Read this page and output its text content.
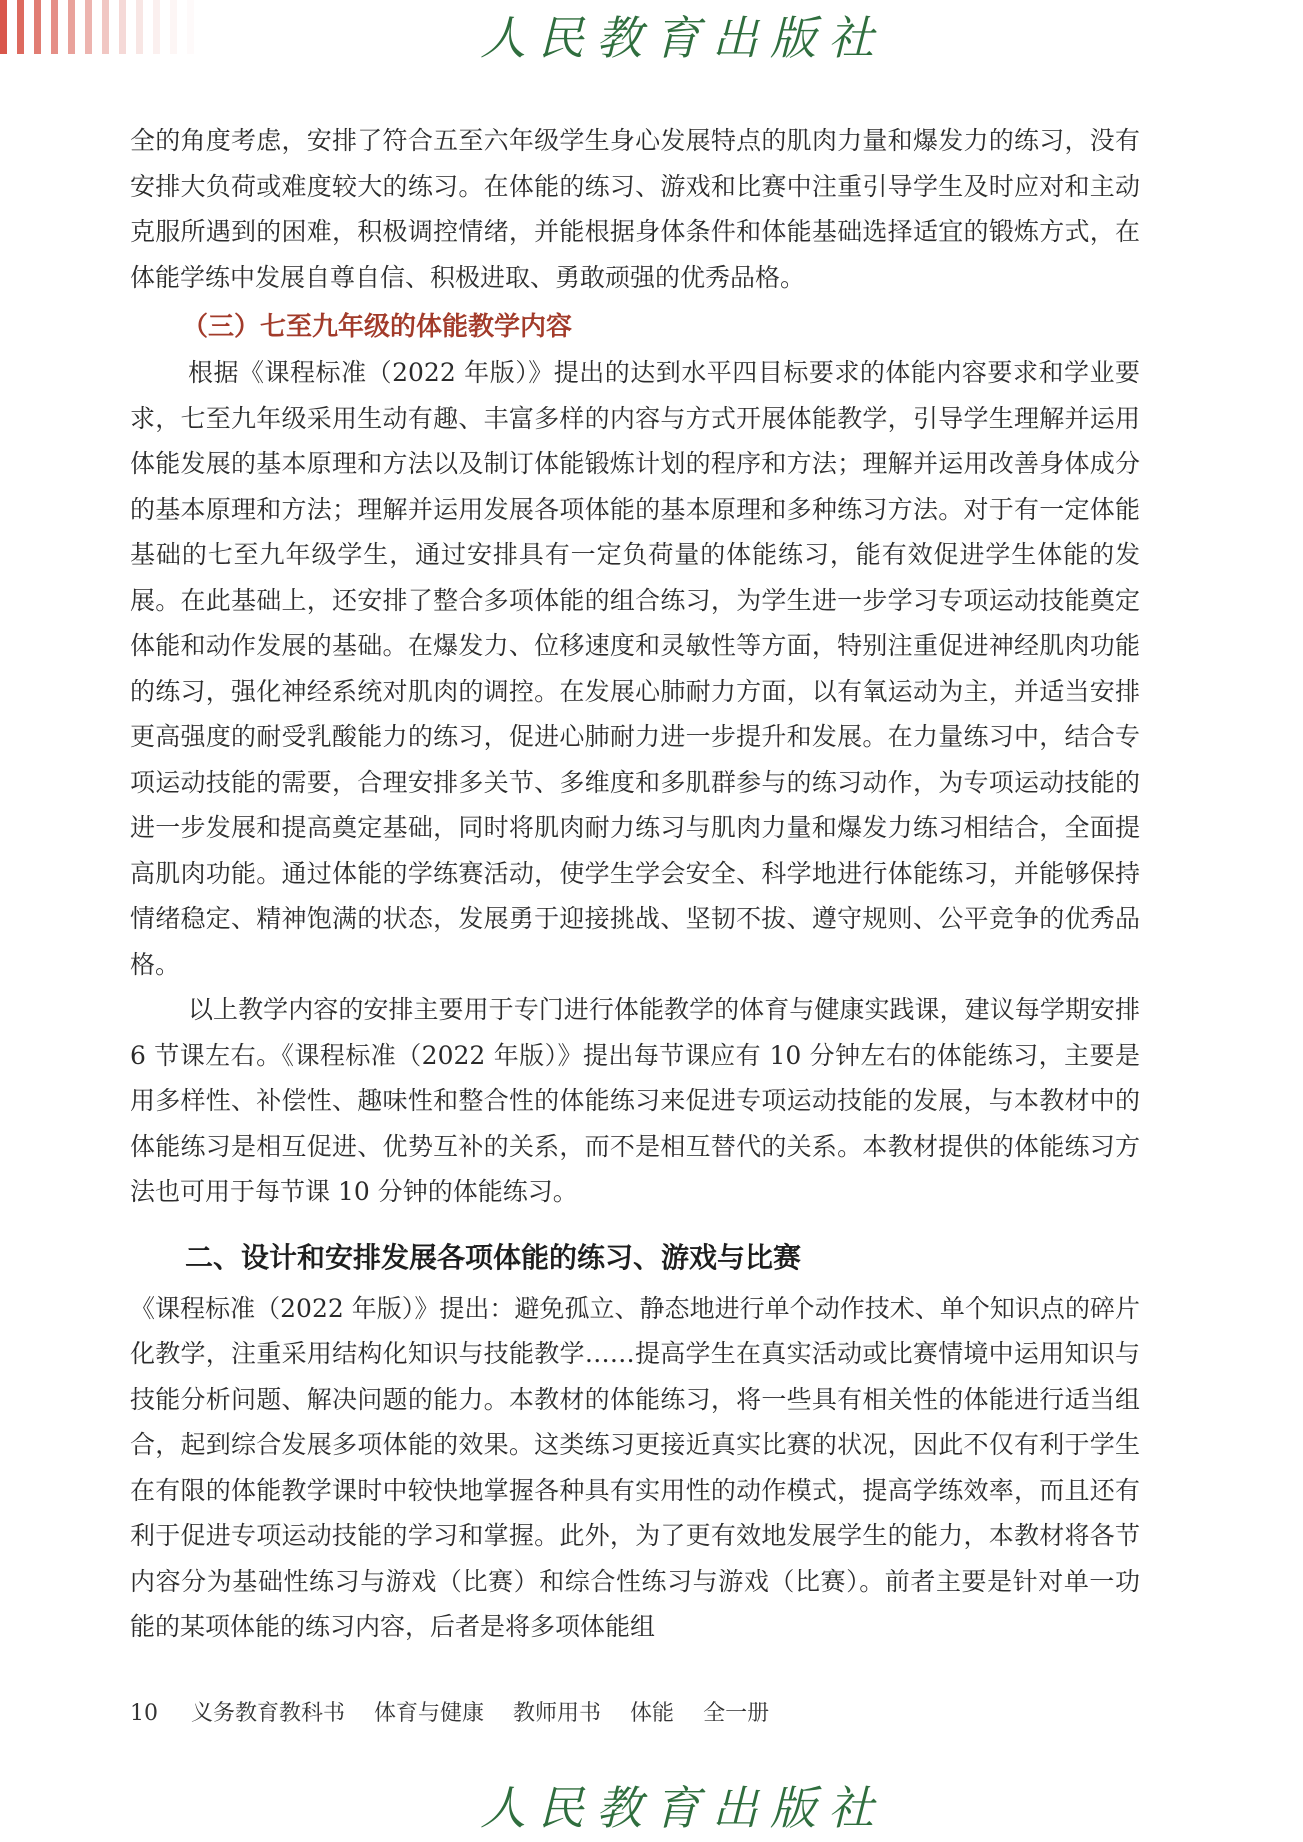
人民教育出版社

全的角度考虑，安排了符合五至六年级学生身心发展特点的肌肉力量和爆发力的练习，没有安排大负荷或难度较大的练习。在体能的练习、游戏和比赛中注重引导学生及时应对和主动克服所遇到的困难，积极调控情绪，并能根据身体条件和体能基础选择适宜的锻炼方式，在体能学练中发展自尊自信、积极进取、勇敢顽强的优秀品格。

（三）七至九年级的体能教学内容

根据《课程标准（2022 年版）》提出的达到水平四目标要求的体能内容要求和学业要求，七至九年级采用生动有趣、丰富多样的内容与方式开展体能教学，引导学生理解并运用体能发展的基本原理和方法以及制订体能锻炼计划的程序和方法；理解并运用改善身体成分的基本原理和方法；理解并运用发展各项体能的基本原理和多种练习方法。对于有一定体能基础的七至九年级学生，通过安排具有一定负荷量的体能练习，能有效促进学生体能的发展。在此基础上，还安排了整合多项体能的组合练习，为学生进一步学习专项运动技能奠定体能和动作发展的基础。在爆发力、位移速度和灵敏性等方面，特别注重促进神经肌肉功能的练习，强化神经系统对肌肉的调控。在发展心肺耐力方面，以有氧运动为主，并适当安排更高强度的耐受乳酸能力的练习，促进心肺耐力进一步提升和发展。在力量练习中，结合专项运动技能的需要，合理安排多关节、多维度和多肌群参与的练习动作，为专项运动技能的进一步发展和提高奠定基础，同时将肌肉耐力练习与肌肉力量和爆发力练习相结合，全面提高肌肉功能。通过体能的学练赛活动，使学生学会安全、科学地进行体能练习，并能够保持情绪稳定、精神饱满的状态，发展勇于迎接挑战、坚韧不拔、遵守规则、公平竞争的优秀品格。

以上教学内容的安排主要用于专门进行体能教学的体育与健康实践课，建议每学期安排 6 节课左右。《课程标准（2022 年版）》提出每节课应有 10 分钟左右的体能练习，主要是用多样性、补偿性、趣味性和整合性的体能练习来促进专项运动技能的发展，与本教材中的体能练习是相互促进、优势互补的关系，而不是相互替代的关系。本教材提供的体能练习方法也可用于每节课 10 分钟的体能练习。

二、设计和安排发展各项体能的练习、游戏与比赛

《课程标准（2022 年版）》提出：避免孤立、静态地进行单个动作技术、单个知识点的碎片化教学，注重采用结构化知识与技能教学……提高学生在真实活动或比赛情境中运用知识与技能分析问题、解决问题的能力。本教材的体能练习，将一些具有相关性的体能进行适当组合，起到综合发展多项体能的效果。这类练习更接近真实比赛的状况，因此不仅有利于学生在有限的体能教学课时中较快地掌握各种具有实用性的动作模式，提高学练效率，而且还有利于促进专项运动技能的学习和掌握。此外，为了更有效地发展学生的能力，本教材将各节内容分为基础性练习与游戏（比赛）和综合性练习与游戏（比赛）。前者主要是针对单一功能的某项体能的练习内容，后者是将多项体能组

10 义务教育教科书 体育与健康 教师用书 体能 全一册
人民教育出版社
